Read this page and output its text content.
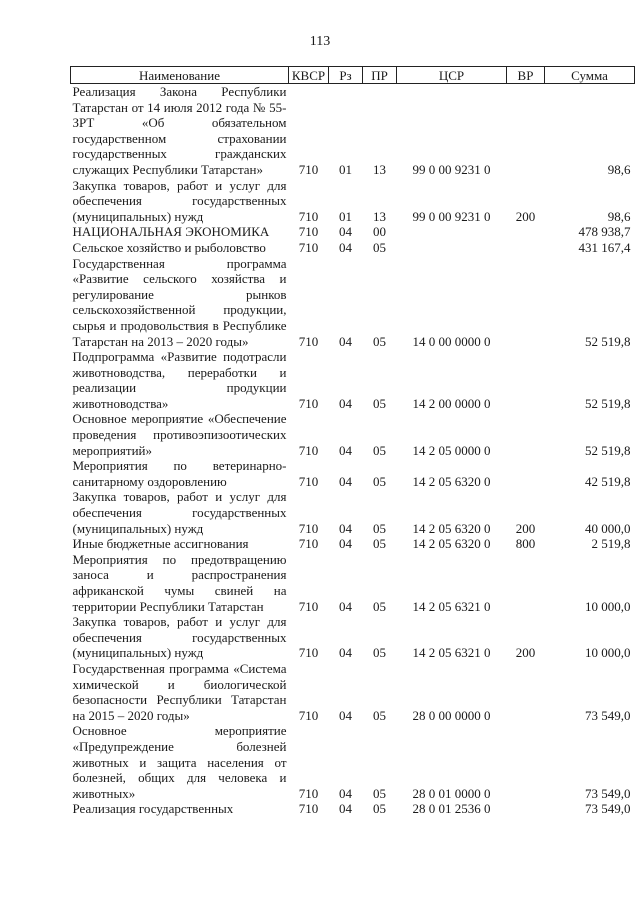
113
Наименование	КВСР	Рз	ПР	ЦСР	ВР	Сумма
Реализация Закона Республики Татарстан от 14 июля 2012 года № 55-ЗРТ «Об обязательном государственном страховании государственных гражданских служащих Республики Татарстан»	710	01	13	99 0 00 9231 0		98,6
Закупка товаров, работ и услуг для обеспечения государственных (муниципальных) нужд	710	01	13	99 0 00 9231 0	200	98,6
НАЦИОНАЛЬНАЯ ЭКОНОМИКА	710	04	00			478 938,7
Сельское хозяйство и рыболовство	710	04	05			431 167,4
Государственная программа «Развитие сельского хозяйства и регулирование рынков сельскохозяйственной продукции, сырья и продовольствия в Республике Татарстан на 2013 – 2020 годы»	710	04	05	14 0 00 0000 0		52 519,8
Подпрограмма «Развитие подотрасли животноводства, переработки и реализации продукции животноводства»	710	04	05	14 2 00 0000 0		52 519,8
Основное мероприятие «Обеспечение проведения противоэпизоотических мероприятий»	710	04	05	14 2 05 0000 0		52 519,8
Мероприятия по ветеринарно-санитарному оздоровлению	710	04	05	14 2 05 6320 0		42 519,8
Закупка товаров, работ и услуг для обеспечения государственных (муниципальных) нужд	710	04	05	14 2 05 6320 0	200	40 000,0
Иные бюджетные ассигнования	710	04	05	14 2 05 6320 0	800	2 519,8
Мероприятия по предотвращению заноса и распространения африканской чумы свиней на территории Республики Татарстан	710	04	05	14 2 05 6321 0		10 000,0
Закупка товаров, работ и услуг для обеспечения государственных (муниципальных) нужд	710	04	05	14 2 05 6321 0	200	10 000,0
Государственная программа «Система химической и биологической безопасности Республики Татарстан на 2015 – 2020 годы»	710	04	05	28 0 00 0000 0		73 549,0
Основное мероприятие «Предупреждение болезней животных и защита населения от болезней, общих для человека и животных»	710	04	05	28 0 01 0000 0		73 549,0
Реализация государственных	710	04	05	28 0 01 2536 0		73 549,0
